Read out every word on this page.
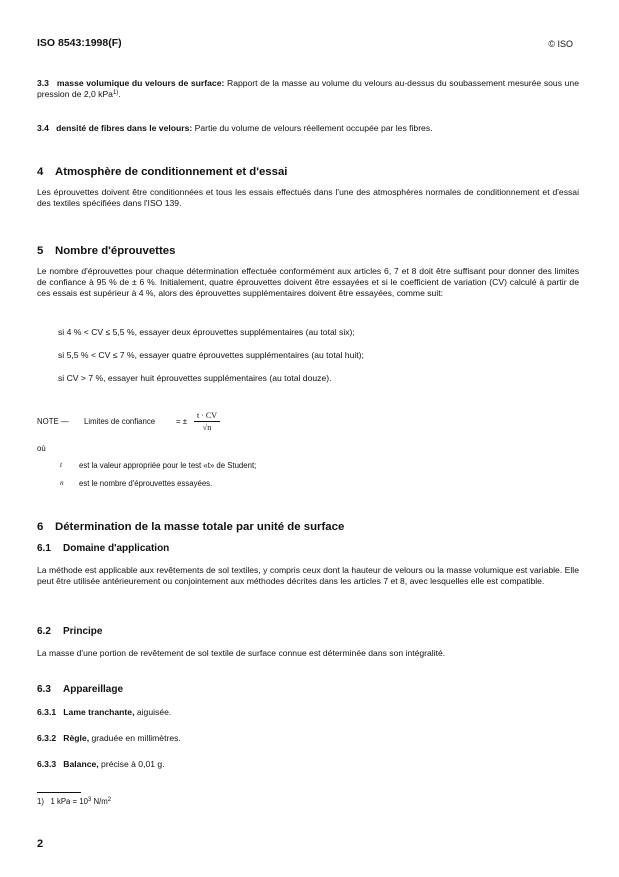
ISO 8543:1998(F)	© ISO
3.3 masse volumique du velours de surface: Rapport de la masse au volume du velours au-dessus du soubassement mesurée sous une pression de 2,0 kPa$^{1)}$.
3.4 densité de fibres dans le velours: Partie du volume de velours réellement occupée par les fibres.
4 Atmosphère de conditionnement et d'essai
Les éprouvettes doivent être conditionnées et tous les essais effectués dans l'une des atmosphères normales de conditionnement et d'essai des textiles spécifiées dans l'ISO 139.
5 Nombre d'éprouvettes
Le nombre d'éprouvettes pour chaque détermination effectuée conformément aux articles 6, 7 et 8 doit être suffisant pour donner des limites de confiance à 95 % de ± 6 %. Initialement, quatre éprouvettes doivent être essayées et si le coefficient de variation (CV) calculé à partir de ces essais est supérieur à 4 %, alors des éprouvettes supplémentaires doivent être essayées, comme suit:
si 4 % < CV ≤ 5,5 %, essayer deux éprouvettes supplémentaires (au total six);
si 5,5 % < CV ≤ 7 %, essayer quatre éprouvettes supplémentaires (au total huit);
si CV > 7 %, essayer huit éprouvettes supplémentaires (au total douze).
NOTE — Limites de confiance	= ± $\frac{t \cdot CV}{√n}$
où
t est la valeur appropriée pour le test «t» de Student;
n est le nombre d'éprouvettes essayées.
6 Détermination de la masse totale par unité de surface
6.1 Domaine d'application
La méthode est applicable aux revêtements de sol textiles, y compris ceux dont la hauteur de velours ou la masse volumique est variable. Elle peut être utilisée antérieurement ou conjointement aux méthodes décrites dans les articles 7 et 8, avec lesquelles elle est compatible.
6.2 Principe
La masse d'une portion de revêtement de sol textile de surface connue est déterminée dans son intégralité.
6.3 Appareillage
6.3.1 Lame tranchante, aiguisée.
6.3.2 Règle, graduée en millimètres.
6.3.3 Balance, précise à 0,01 g.
1) 1 kPa = $10^3$ $N/m^2$
2
